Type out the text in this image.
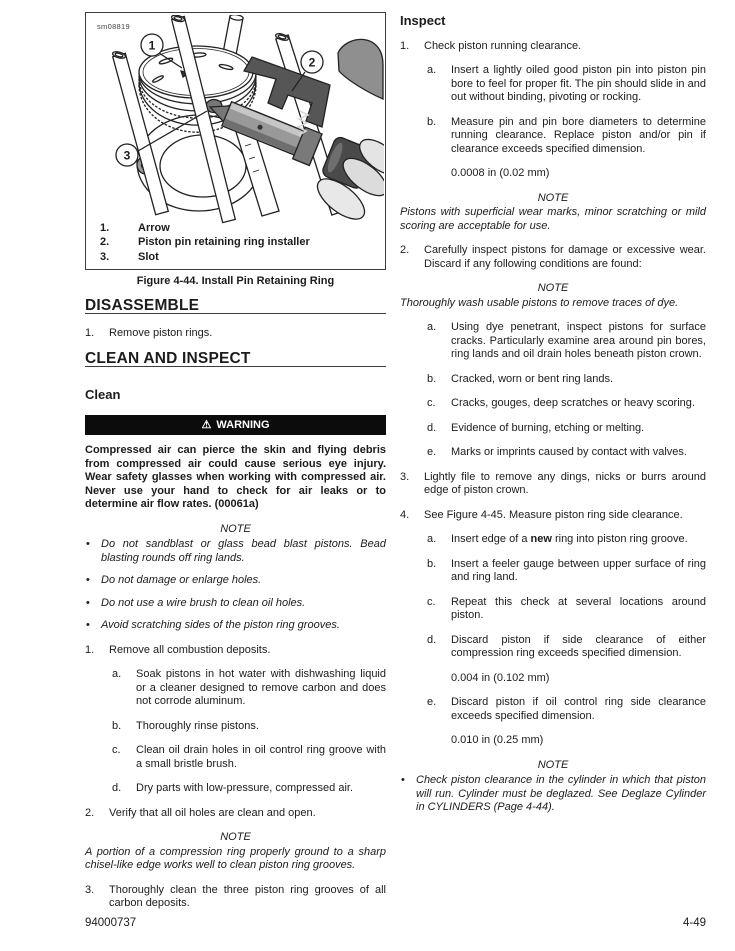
sm08819
1
2
3
1.	Arrow
2.	Piston pin retaining ring installer
3.	Slot
Figure 4-44. Install Pin Retaining Ring
DISASSEMBLE
1.	Remove piston rings.
CLEAN AND INSPECT
Clean
⚠ WARNING
Compressed air can pierce the skin and flying debris from compressed air could cause serious eye injury. Wear safety glasses when working with compressed air. Never use your hand to check for air leaks or to determine air flow rates. (00061a)
NOTE
•	Do not sandblast or glass bead blast pistons. Bead blasting rounds off ring lands.
•	Do not damage or enlarge holes.
•	Do not use a wire brush to clean oil holes.
•	Avoid scratching sides of the piston ring grooves.
1.	Remove all combustion deposits.
a.	Soak pistons in hot water with dishwashing liquid or a cleaner designed to remove carbon and does not corrode aluminum.
b.	Thoroughly rinse pistons.
c.	Clean oil drain holes in oil control ring groove with a small bristle brush.
d.	Dry parts with low-pressure, compressed air.
2.	Verify that all oil holes are clean and open.
NOTE
A portion of a compression ring properly ground to a sharp chisel-like edge works well to clean piston ring grooves.
3.	Thoroughly clean the three piston ring grooves of all carbon deposits.
Inspect
1.	Check piston running clearance.
a.	Insert a lightly oiled good piston pin into piston pin bore to feel for proper fit. The pin should slide in and out without binding, pivoting or rocking.
b.	Measure pin and pin bore diameters to determine running clearance. Replace piston and/or pin if clearance exceeds specified dimension.
0.0008 in (0.02 mm)
NOTE
Pistons with superficial wear marks, minor scratching or mild scoring are acceptable for use.
2.	Carefully inspect pistons for damage or excessive wear. Discard if any following conditions are found:
NOTE
Thoroughly wash usable pistons to remove traces of dye.
a.	Using dye penetrant, inspect pistons for surface cracks. Particularly examine area around pin bores, ring lands and oil drain holes beneath piston crown.
b.	Cracked, worn or bent ring lands.
c.	Cracks, gouges, deep scratches or heavy scoring.
d.	Evidence of burning, etching or melting.
e.	Marks or imprints caused by contact with valves.
3.	Lightly file to remove any dings, nicks or burrs around edge of piston crown.
4.	See Figure 4-45. Measure piston ring side clearance.
a.	Insert edge of a new ring into piston ring groove.
b.	Insert a feeler gauge between upper surface of ring and ring land.
c.	Repeat this check at several locations around piston.
d.	Discard piston if side clearance of either compression ring exceeds specified dimension.
0.004 in (0.102 mm)
e.	Discard piston if oil control ring side clearance exceeds specified dimension.
0.010 in (0.25 mm)
NOTE
•	Check piston clearance in the cylinder in which that piston will run. Cylinder must be deglazed. See Deglaze Cylinder in CYLINDERS (Page 4-44).
94000737	4-49
